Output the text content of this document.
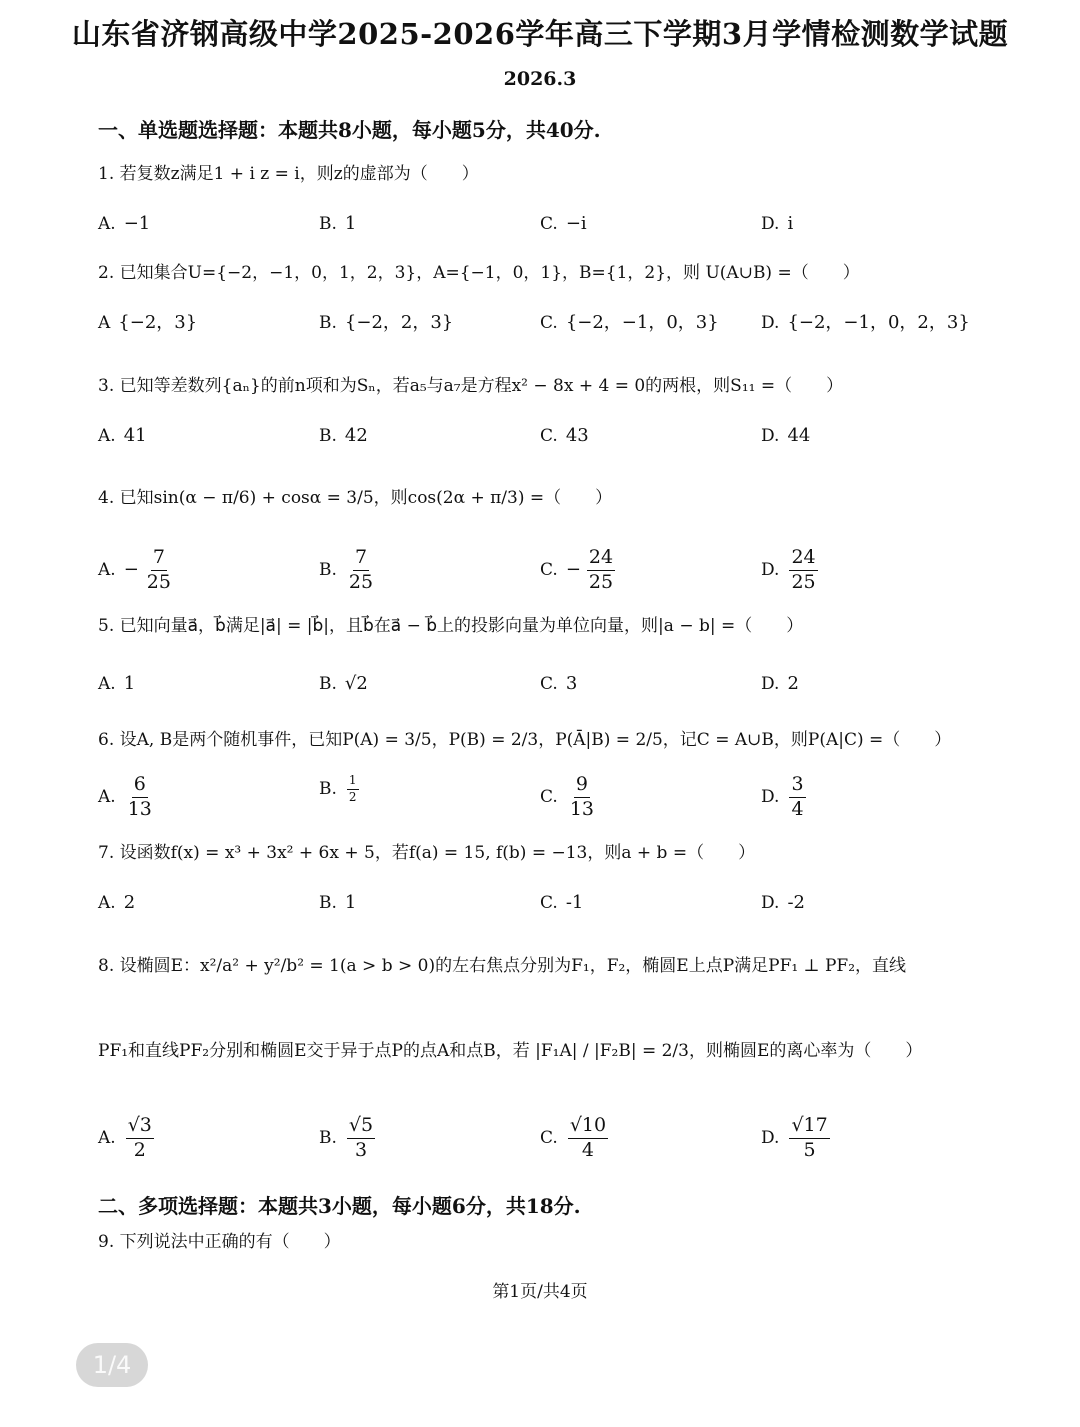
山东省济钢高级中学2025-2026学年高三下学期3月学情检测数学试题
2026.3
一、单选题选择题：本题共8小题，每小题5分，共40分.
1. 若复数z满足1 + i z = i，则z的虚部为（　　）
A. −1	B. 1	C. −i	D. i
2. 已知集合U={−2，−1，0，1，2，3}，A={−1，0，1}，B={1，2}，则 U(A∪B) =（　　）
A {−2，3}	B. {−2，2，3}	C. {−2，−1，0，3} D. {−2，−1，0，2，3}
3. 已知等差数列{aₙ}的前n项和为Sₙ，若a₅与a₇是方程x² − 8x + 4 = 0的两根，则S₁₁ =（　　）
A. 41	B. 42	C. 43	D. 44
4. 已知sin(α − π/6) + cosα = 3/5，则cos(2α + π/3) =（　　）
A. − $\frac{7}{25}$	B. $\frac{7}{25}$	C. − $\frac{24}{25}$	D. $\frac{24}{25}$
5. 已知向量a⃗，b⃗满足|a⃗| = |b⃗|，且b⃗在a⃗ − b⃗上的投影向量为单位向量，则|a − b| =（　　）
A. 1	B. √2	C. 3	D. 2
6. 设A, B是两个随机事件，已知P(A) = 3/5，P(B) = 2/3，P(Ā|B) = 2/5，记C = A∪B，则P(A|C) =（　　）
A. $\frac{6}{13}$	B. $\frac{1}{2}$	C. $\frac{9}{13}$	D. $\frac{3}{4}$
7. 设函数f(x) = x³ + 3x² + 6x + 5，若f(a) = 15, f(b) = −13，则a + b =（　　）
A. 2	B. 1	C. -1	D. -2
8. 设椭圆E：x²/a² + y²/b² = 1(a > b > 0)的左右焦点分别为F₁，F₂，椭圆E上点P满足PF₁ ⊥ PF₂，直线
PF₁和直线PF₂分别和椭圆E交于异于点P的点A和点B，若 |F₁A| / |F₂B| = 2/3，则椭圆E的离心率为（　　）
A. $\frac{√3}{2}$	B. $\frac{√5}{3}$	C. $\frac{√10}{4}$	D. $\frac{√17}{5}$
二、多项选择题：本题共3小题，每小题6分，共18分.
9. 下列说法中正确的有（　　）
第1页/共4页
1/4
